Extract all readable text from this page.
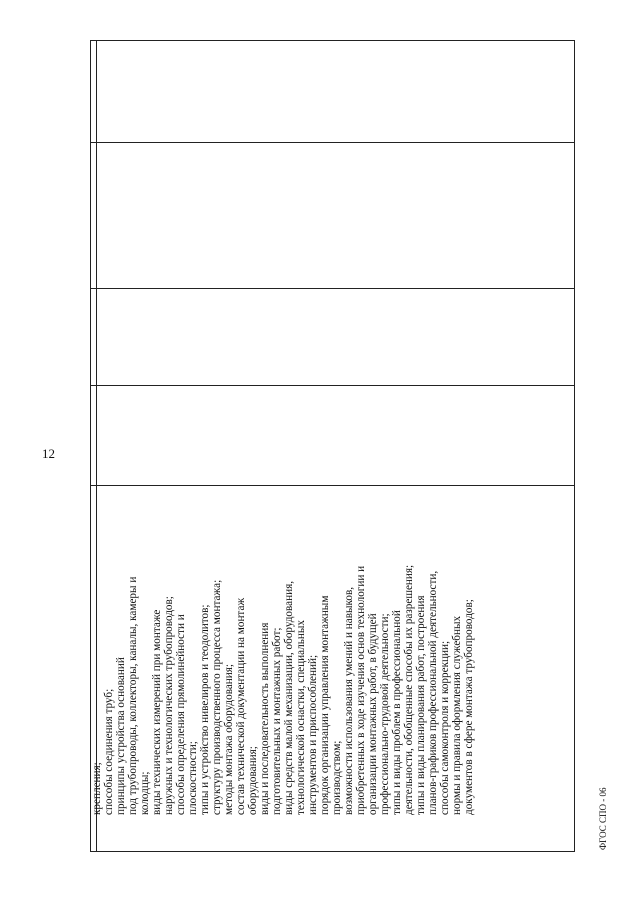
12
крепления; способы соединения труб; принципы устройства оснований под трубопроводы, коллекторы, каналы, камеры и колодцы; виды технических измерений при монтаже наружных и технологических трубопроводов; способы определения прямолинейности и плоскостности; типы и устройство нивелиров и теодолитов; структуру производственного процесса монтажа; методы монтажа оборудования; состав технической документации на монтаж оборудования; виды и последовательность выполнения подготовительных и монтажных работ; виды средств малой механизации, оборудования, технологической оснастки, специальных инструментов и приспособлений; порядок организации управления монтажным производством; возможности использования умений и навыков, приобретенных в ходе изучения основ технологии и организации монтажных работ, в будущей профессионально-трудовой деятельности; типы и виды проблем в профессиональной деятельности, обобщенные способы их разрешения; типы и виды планирования работ, построения планов-графиков профессиональной деятельности, способы самоконтроля и коррекции; нормы и правила оформления служебных документов в сфере монтажа трубопроводов;
ФГОС СПО - 06
